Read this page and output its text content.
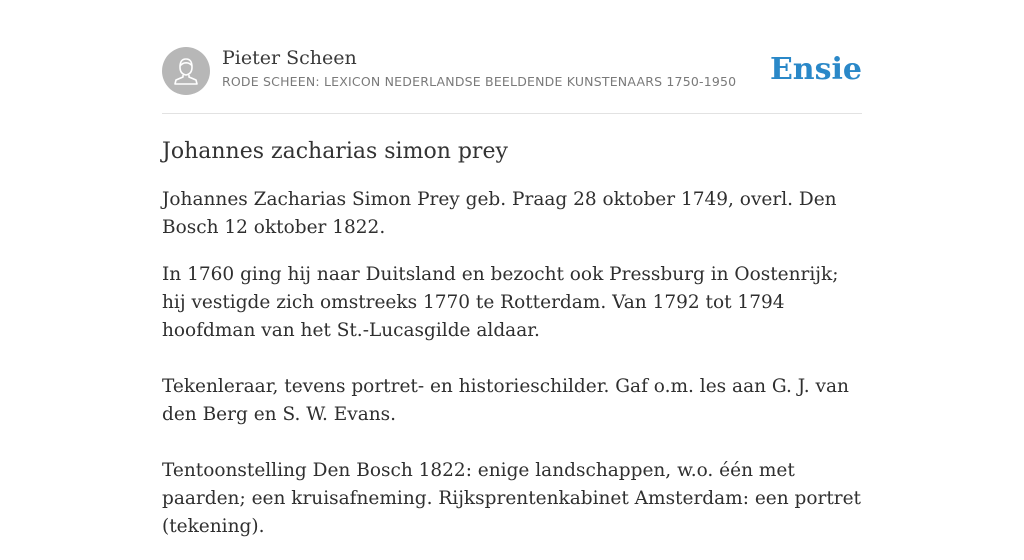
Pieter Scheen
RODE SCHEEN: LEXICON NEDERLANDSE BEELDENDE KUNSTENAARS 1750-1950 Ensie
Johannes zacharias simon prey

Johannes Zacharias Simon Prey geb. Praag 28 oktober 1749, overl. Den Bosch 12 oktober 1822.

In 1760 ging hij naar Duitsland en bezocht ook Pressburg in Oostenrijk; hij vestigde zich omstreeks 1770 te Rotterdam. Van 1792 tot 1794 hoofdman van het St.-Lucasgilde aldaar.

Tekenleraar, tevens portret- en historieschilder. Gaf o.m. les aan G. J. van den Berg en S. W. Evans.

Tentoonstelling Den Bosch 1822: enige landschappen, w.o. één met paarden; een kruisafneming. Rijksprentenkabinet Amsterdam: een portret (tekening).
